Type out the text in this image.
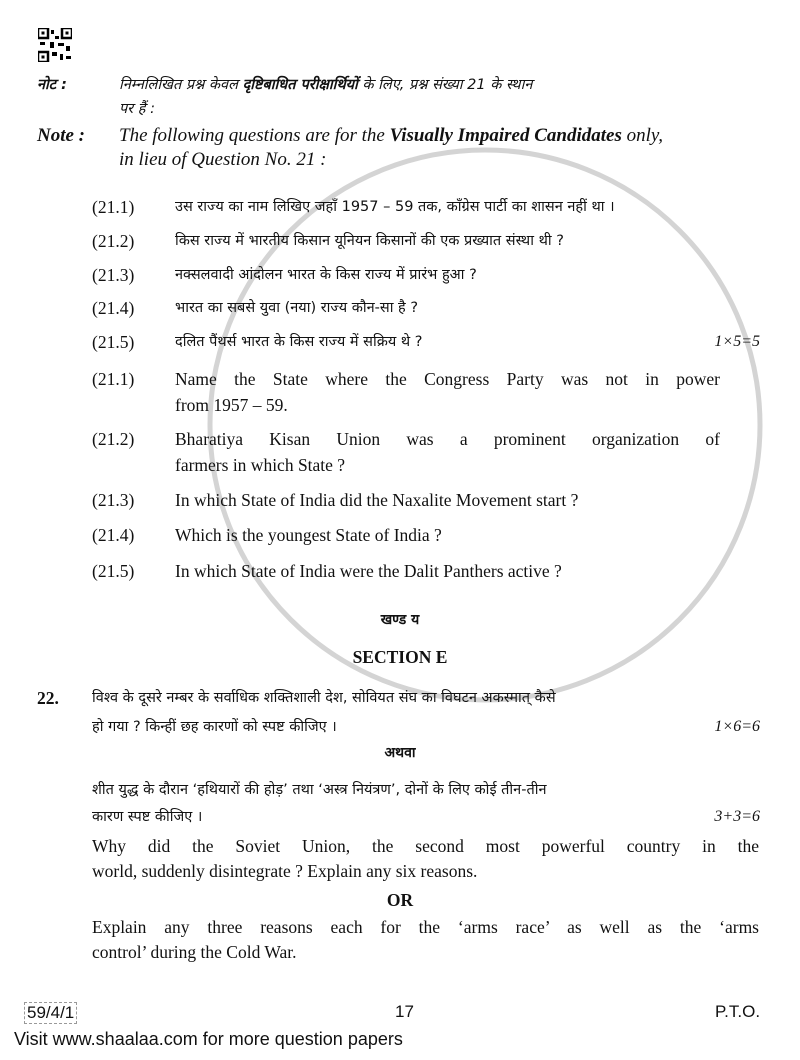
नोट :	निम्नलिखित प्रश्न केवल दृष्टिबाधित परीक्षार्थियों के लिए, प्रश्न संख्या 21 के स्थान
पर हैं :
Note : The following questions are for the Visually Impaired Candidates only,
in lieu of Question No. 21 :
(21.1)	उस राज्य का नाम लिखिए जहाँ 1957 – 59 तक, काँग्रेस पार्टी का शासन नहीं था ।
(21.2)	किस राज्य में भारतीय किसान यूनियन किसानों की एक प्रख्यात संस्था थी ?
(21.3)	नक्सलवादी आंदोलन भारत के किस राज्य में प्रारंभ हुआ ?
(21.4)	भारत का सबसे युवा (नया) राज्य कौन-सा है ?
(21.5)	दलित पैंथर्स भारत के किस राज्य में सक्रिय थे ?	1×5=5
(21.1) Name the State where the Congress Party was not in power
from 1957 – 59.
(21.2) Bharatiya Kisan Union was a prominent organization of
farmers in which State ?
(21.3) In which State of India did the Naxalite Movement start ?
(21.4) Which is the youngest State of India ?
(21.5) In which State of India were the Dalit Panthers active ?
खण्ड य
SECTION E
22. विश्व के दूसरे नम्बर के सर्वाधिक शक्तिशाली देश, सोवियत संघ का विघटन अकस्मात् कैसे
हो गया ? किन्हीं छह कारणों को स्पष्ट कीजिए ।	1×6=6
अथवा
शीत युद्ध के दौरान ‘हथियारों की होड़’ तथा ‘अस्त्र नियंत्रण’, दोनों के लिए कोई तीन-तीन
कारण स्पष्ट कीजिए ।	3+3=6
Why did the Soviet Union, the second most powerful country in the
world, suddenly disintegrate ? Explain any six reasons.
OR
Explain any three reasons each for the ‘arms race’ as well as the ‘arms
control’ during the Cold War.
59/4/1	17	P.T.O.
Visit www.shaalaa.com for more question papers
